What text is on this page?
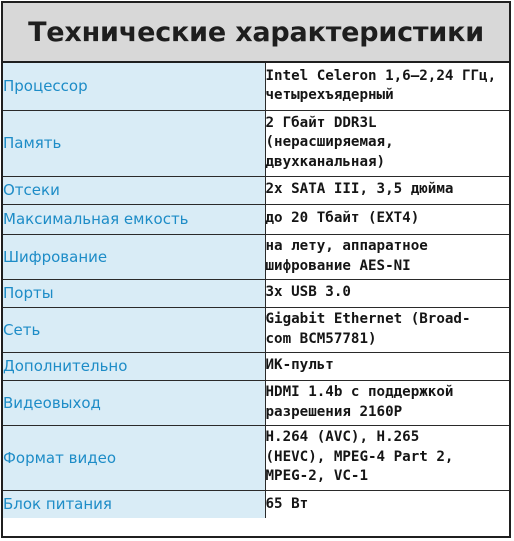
Технические характеристики
Процессор	Intel Celeron 1,6–2,24 ГГц,
четырехъядерный
Память	2 Гбайт DDR3L
(нерасширяемая,
двухканальная)
Отсеки	2x SATA III, 3,5 дюйма
Максимальная емкость	до 20 Тбайт (EXT4)
Шифрование	на лету, аппаратное
шифрование AES-NI
Порты	3x USB 3.0
Сеть	Gigabit Ethernet (Broad-
com BCM57781)
Дополнительно	ИК-пульт
Видеовыход	HDMI 1.4b с поддержкой
разрешения 2160P
Формат видео	H.264 (AVC), H.265
(HEVC), MPEG-4 Part 2,
MPEG-2, VC-1
Блок питания	65 Вт
